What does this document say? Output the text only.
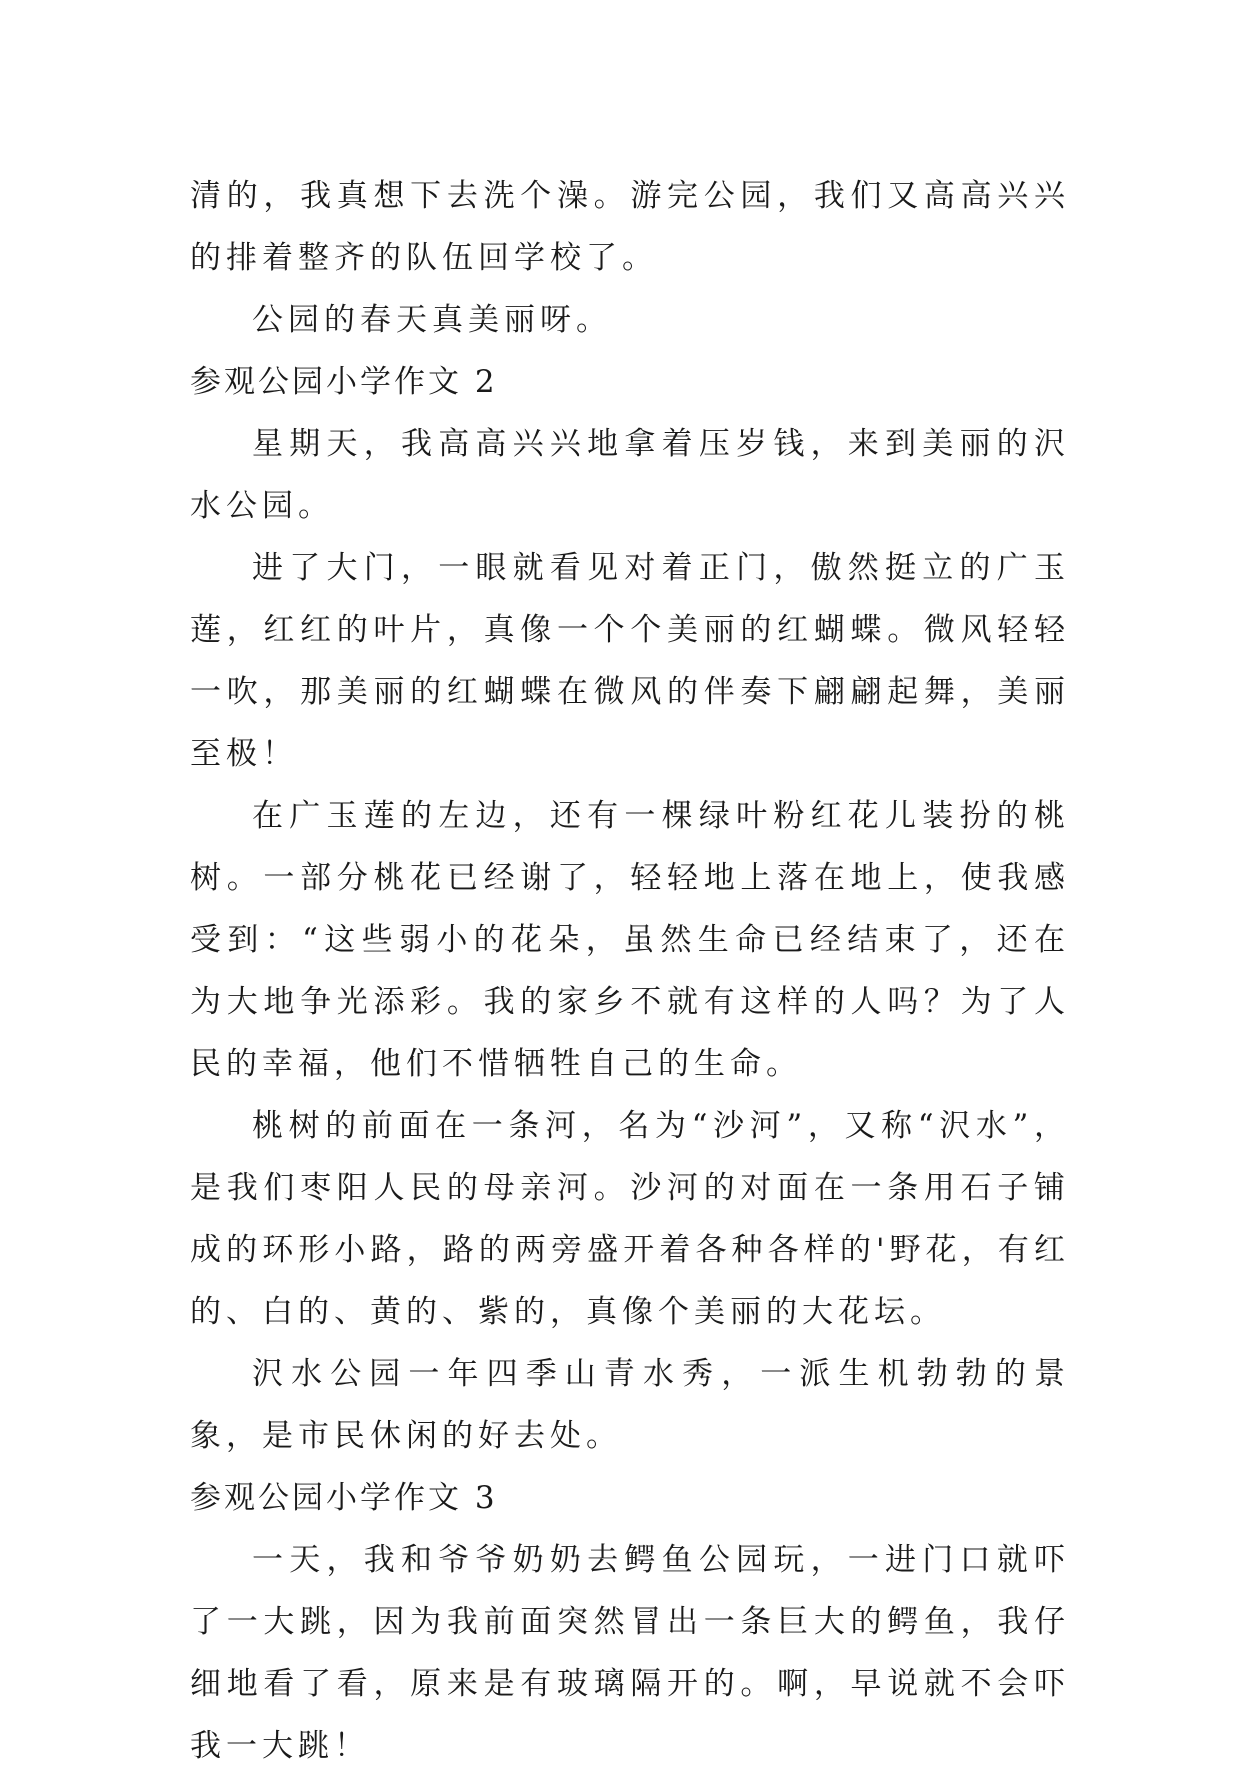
清的，我真想下去洗个澡。游完公园，我们又高高兴兴的排着整齐的队伍回学校了。

公园的春天真美丽呀。

参观公园小学作文 2

星期天，我高高兴兴地拿着压岁钱，来到美丽的沢水公园。

进了大门，一眼就看见对着正门，傲然挺立的广玉莲，红红的叶片，真像一个个美丽的红蝴蝶。微风轻轻一吹，那美丽的红蝴蝶在微风的伴奏下翩翩起舞，美丽至极！

在广玉莲的左边，还有一棵绿叶粉红花儿装扮的桃树。一部分桃花已经谢了，轻轻地上落在地上，使我感受到：“这些弱小的花朵，虽然生命已经结束了，还在为大地争光添彩。我的家乡不就有这样的人吗？为了人民的幸福，他们不惜牺牲自己的生命。

桃树的前面在一条河，名为“沙河”，又称“沢水”，是我们枣阳人民的母亲河。沙河的对面在一条用石子铺成的环形小路，路的两旁盛开着各种各样的'野花，有红的、白的、黄的、紫的，真像个美丽的大花坛。

沢水公园一年四季山青水秀，一派生机勃勃的景象，是市民休闲的好去处。

参观公园小学作文 3

一天，我和爷爷奶奶去鳄鱼公园玩，一进门口就吓了一大跳，因为我前面突然冒出一条巨大的鳄鱼，我仔细地看了看，原来是有玻璃隔开的。啊，早说就不会吓我一大跳！
